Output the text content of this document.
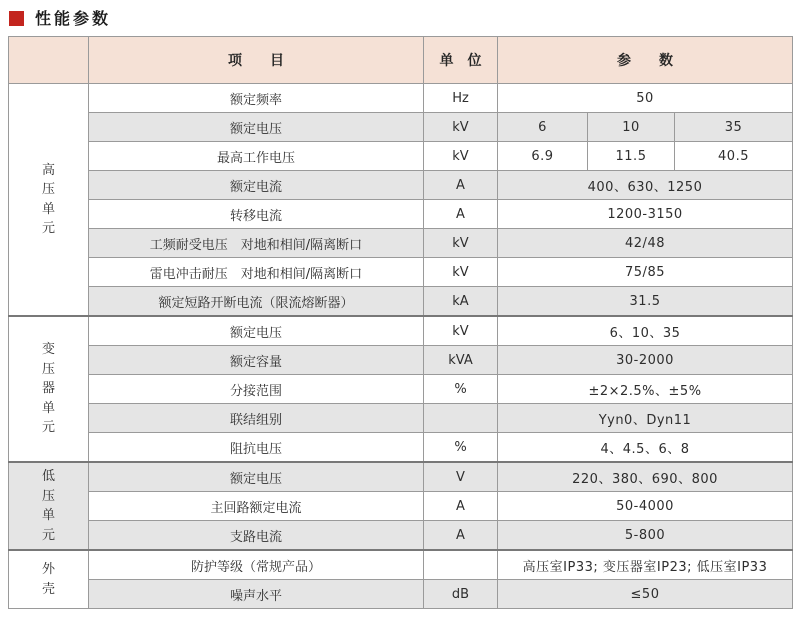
性能参数
	项　　目	单　位	参　　数		
高压单元	额定频率	Hz	50		
	额定电压	kV	6	10	35
	最高工作电压	kV	6.9	11.5	40.5
	额定电流	A	400、630、1250		
	转移电流	A	1200-3150		
	工频耐受电压　对地和相间/隔离断口	kV	42/48		
	雷电冲击耐压　对地和相间/隔离断口	kV	75/85		
	额定短路开断电流（限流熔断器）	kA	31.5		
变压器单元	额定电压	kV	6、10、35		
	额定容量	kVA	30-2000		
	分接范围	%	±2×2.5%、±5%		
	联结组别		Yyn0、Dyn11		
	阻抗电压	%	4、4.5、6、8		
低压单元	额定电压	V	220、380、690、800		
	主回路额定电流	A	50-4000		
	支路电流	A	5-800		
外壳	防护等级（常规产品）		高压室IP33; 变压器室IP23; 低压室IP33		
	噪声水平	dB	≤50		
